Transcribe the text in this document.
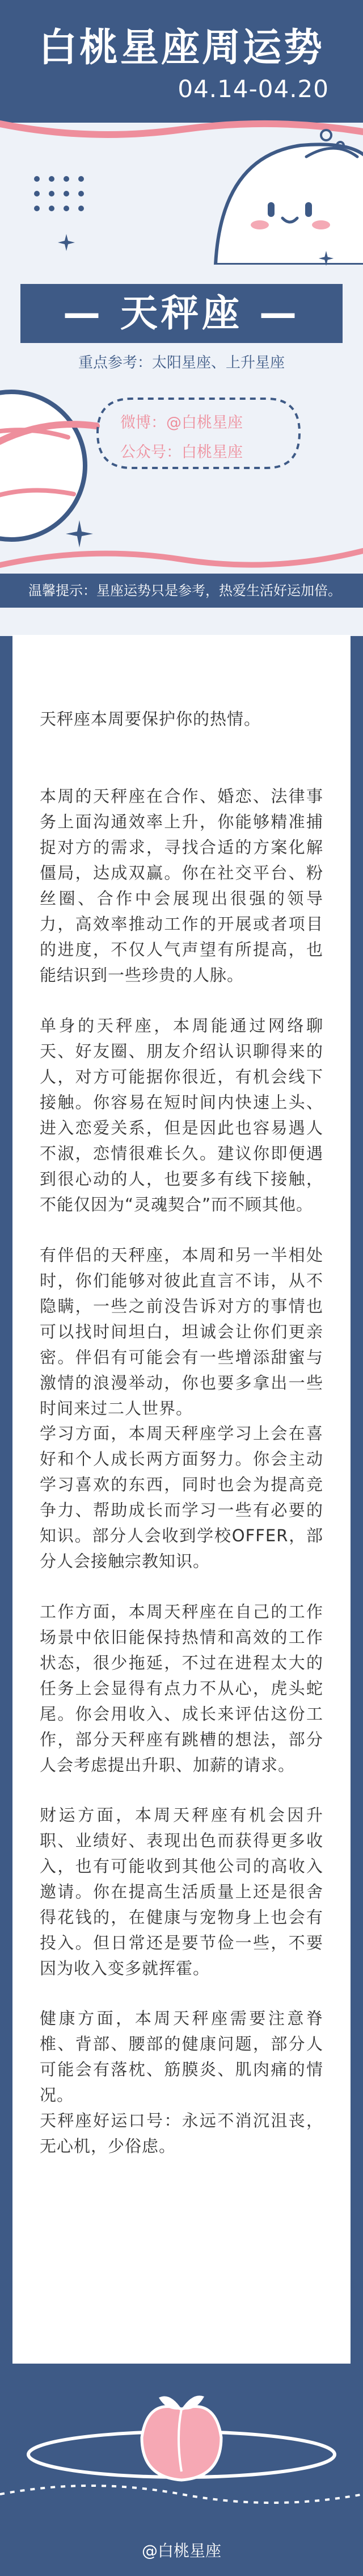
白桃星座周运势
04.14-04.20
— 天秤座 —
重点参考：太阳星座、上升星座
微博：@白桃星座
公众号：白桃星座
温馨提示：星座运势只是参考，热爱生活好运加倍。

天秤座本周要保护你的热情。

本周的天秤座在合作、婚恋、法律事务上面沟通效率上升，你能够精准捕捉对方的需求，寻找合适的方案化解僵局，达成双赢。你在社交平台、粉丝圈、合作中会展现出很强的领导力，高效率推动工作的开展或者项目的进度，不仅人气声望有所提高，也能结识到一些珍贵的人脉。

单身的天秤座，本周能通过网络聊天、好友圈、朋友介绍认识聊得来的人，对方可能据你很近，有机会线下接触。你容易在短时间内快速上头、进入恋爱关系，但是因此也容易遇人不淑，恋情很难长久。建议你即便遇到很心动的人，也要多有线下接触，不能仅因为“灵魂契合”而不顾其他。

有伴侣的天秤座，本周和另一半相处时，你们能够对彼此直言不讳，从不隐瞒，一些之前没告诉对方的事情也可以找时间坦白，坦诚会让你们更亲密。伴侣有可能会有一些增添甜蜜与激情的浪漫举动，你也要多拿出一些时间来过二人世界。

学习方面，本周天秤座学习上会在喜好和个人成长两方面努力。你会主动学习喜欢的东西，同时也会为提高竞争力、帮助成长而学习一些有必要的知识。部分人会收到学校OFFER，部分人会接触宗教知识。

工作方面，本周天秤座在自己的工作场景中依旧能保持热情和高效的工作状态，很少拖延，不过在进程太大的任务上会显得有点力不从心，虎头蛇尾。你会用收入、成长来评估这份工作，部分天秤座有跳槽的想法，部分人会考虑提出升职、加薪的请求。

财运方面，本周天秤座有机会因升职、业绩好、表现出色而获得更多收入，也有可能收到其他公司的高收入邀请。你在提高生活质量上还是很舍得花钱的，在健康与宠物身上也会有投入。但日常还是要节俭一些，不要因为收入变多就挥霍。

健康方面，本周天秤座需要注意脊椎、背部、腰部的健康问题，部分人可能会有落枕、筋膜炎、肌肉痛的情况。

天秤座好运口号：永远不消沉沮丧，无心机，少俗虑。

@白桃星座
